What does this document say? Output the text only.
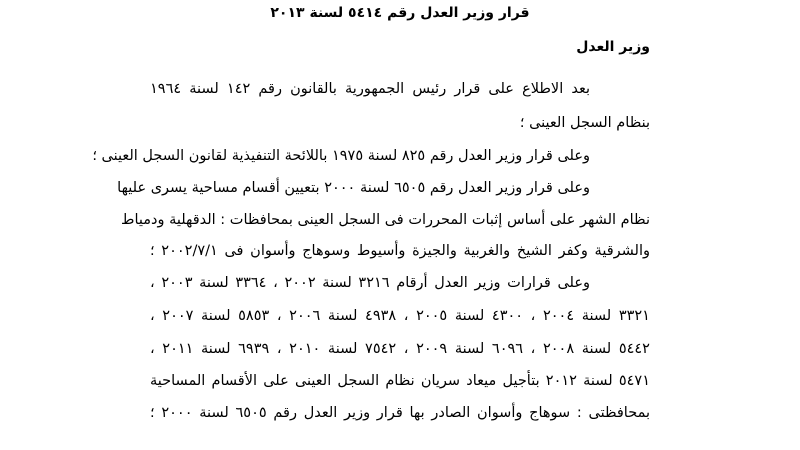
قرار وزير العدل رقم ٥٤١٤ لسنة ٢٠١٣
وزير العدل
بعد الاطلاع على قرار رئيس الجمهورية بالقانون رقم ١٤٢ لسنة ١٩٦٤
بنظام السجل العينى ؛
وعلى قرار وزير العدل رقم ٨٢٥ لسنة ١٩٧٥ باللائحة التنفيذية لقانون السجل العينى ؛
وعلى قرار وزير العدل رقم ٦٥٠٥ لسنة ٢٠٠٠ بتعيين أقسام مساحية يسرى عليها
نظام الشهر على أساس إثبات المحررات فى السجل العينى بمحافظات : الدقهلية ودمياط
والشرقية وكفر الشيخ والغربية والجيزة وأسيوط وسوهاج وأسوان فى ٢٠٠٢/٧/١ ؛
وعلى قرارات وزير العدل أرقام ٣٢١٦ لسنة ٢٠٠٢ ، ٣٣٦٤ لسنة ٢٠٠٣ ،
٣٣٢١ لسنة ٢٠٠٤ ، ٤٣٠٠ لسنة ٢٠٠٥ ، ٤٩٣٨ لسنة ٢٠٠٦ ، ٥٨٥٣ لسنة ٢٠٠٧ ،
٥٤٤٢ لسنة ٢٠٠٨ ، ٦٠٩٦ لسنة ٢٠٠٩ ، ٧٥٤٢ لسنة ٢٠١٠ ، ٦٩٣٩ لسنة ٢٠١١ ،
٥٤٧١ لسنة ٢٠١٢ بتأجيل ميعاد سريان نظام السجل العينى على الأقسام المساحية
بمحافظتى : سوهاج وأسوان الصادر بها قرار وزير العدل رقم ٦٥٠٥ لسنة ٢٠٠٠ ؛
